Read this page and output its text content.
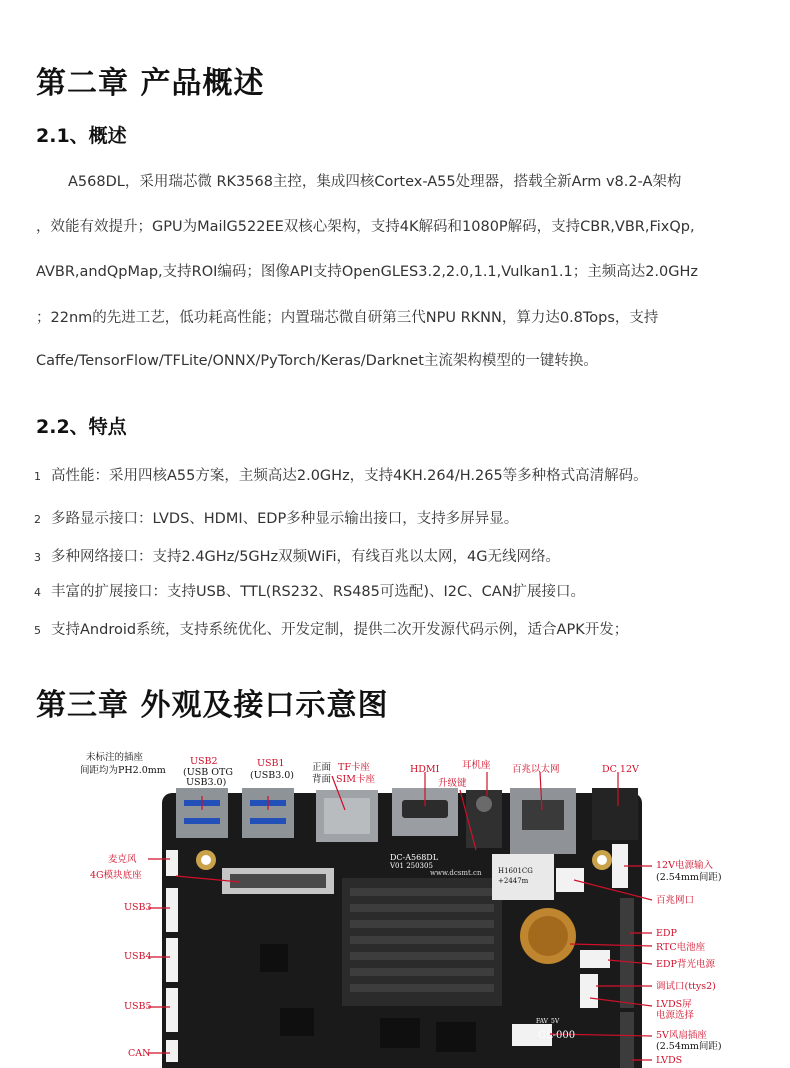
第二章 产品概述
2.1、概述
A568DL，采用瑞芯微 RK3568主控，集成四核Cortex-A55处理器，搭载全新Arm v8.2-A架构
，效能有效提升；GPU为MailG522EE双核心架构，支持4K解码和1080P解码，支持CBR,VBR,FixQp,
AVBR,andQpMap,支持ROI编码；图像API支持OpenGLES3.2,2.0,1.1,Vulkan1.1；主频高达2.0GHz
；22nm的先进工艺，低功耗高性能；内置瑞芯微自研第三代NPU RKNN，算力达0.8Tops，支持
Caffe/TensorFlow/TFLite/ONNX/PyTorch/Keras/Darknet主流架构模型的一键转换。
2.2、特点
1 高性能：采用四核A55方案，主频高达2.0GHz，支持4KH.264/H.265等多种格式高清解码。
2 多路显示接口：LVDS、HDMI、EDP多种显示输出接口，支持多屏异显。
3 多种网络接口：支持2.4GHz/5GHz双频WiFi，有线百兆以太网，4G无线网络。
4 丰富的扩展接口：支持USB、TTL(RS232、RS485可选配)、I2C、CAN扩展接口。
5 支持Android系统，支持系统优化、开发定制，提供二次开发源代码示例，适合APK开发；
第三章 外观及接口示意图
DC-A568DL
V01 250305
www.dcsmt.cn H1601CG
+2447m
FAV_5V
GL-000
未标注的插座
间距均为PH2.0mm
USB2
(USB OTG
USB3.0)
USB1
(USB3.0)
正面
背面
TF卡座
SIM卡座
HDMI 耳机座
升级键
百兆以太网	DC 12V
麦克风
4G模块底座
USB3
USB4
USB5
CAN
12V电源输入
(2.54mm间距)
百兆网口
EDP
RTC电池座
EDP背光电源
调试口(ttys2)
LVDS屏
电源选择
5V风扇插座
(2.54mm间距)
LVDS
